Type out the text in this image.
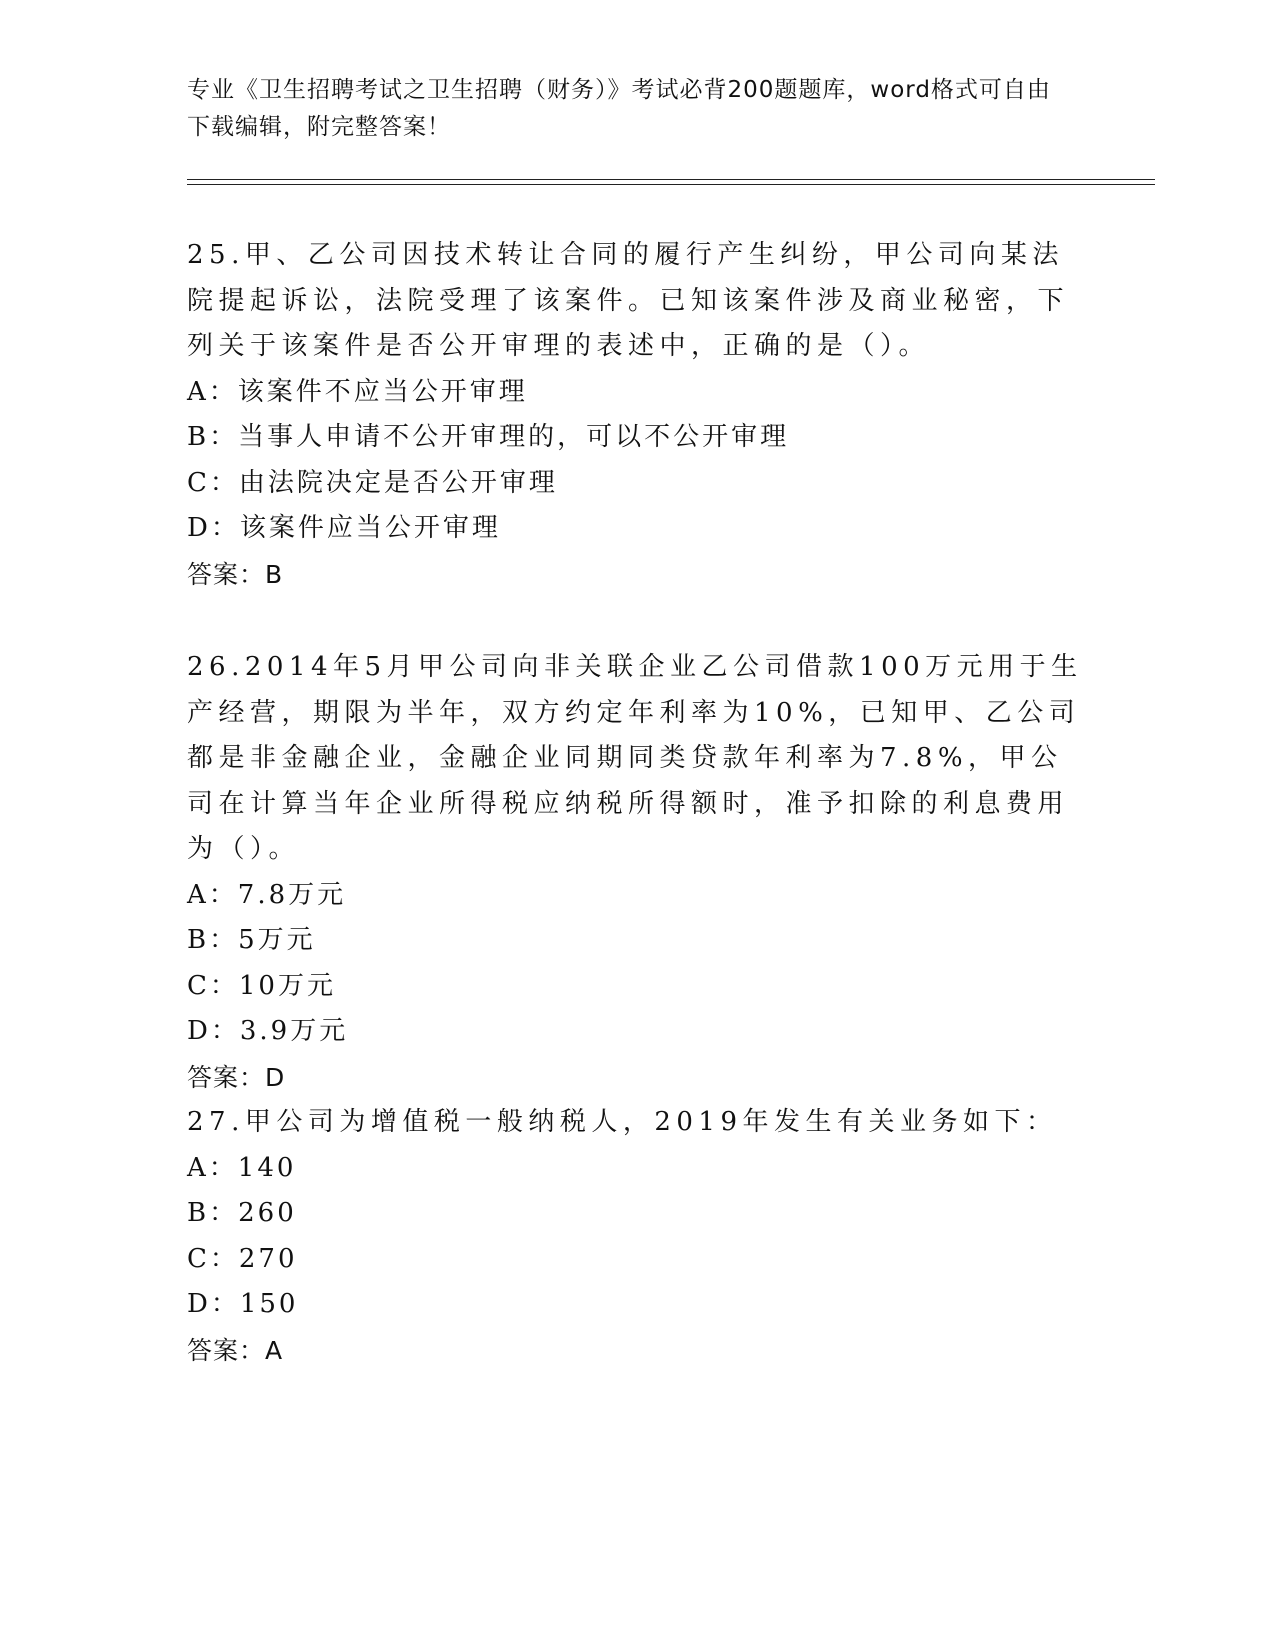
专业《卫生招聘考试之卫生招聘（财务）》考试必背200题题库，word格式可自由下载编辑，附完整答案！

25.甲、乙公司因技术转让合同的履行产生纠纷，甲公司向某法院提起诉讼，法院受理了该案件。已知该案件涉及商业秘密，下列关于该案件是否公开审理的表述中，正确的是（）。

A：该案件不应当公开审理

B：当事人申请不公开审理的，可以不公开审理

C：由法院决定是否公开审理

D：该案件应当公开审理

答案：B

26.2014年5月甲公司向非关联企业乙公司借款100万元用于生产经营，期限为半年，双方约定年利率为10%，已知甲、乙公司都是非金融企业，金融企业同期同类贷款年利率为7.8%，甲公司在计算当年企业所得税应纳税所得额时，准予扣除的利息费用为（）。

A：7.8万元

B：5万元

C：10万元

D：3.9万元

答案：D

27.甲公司为增值税一般纳税人，2019年发生有关业务如下：

A：140

B：260

C：270

D：150

答案：A
